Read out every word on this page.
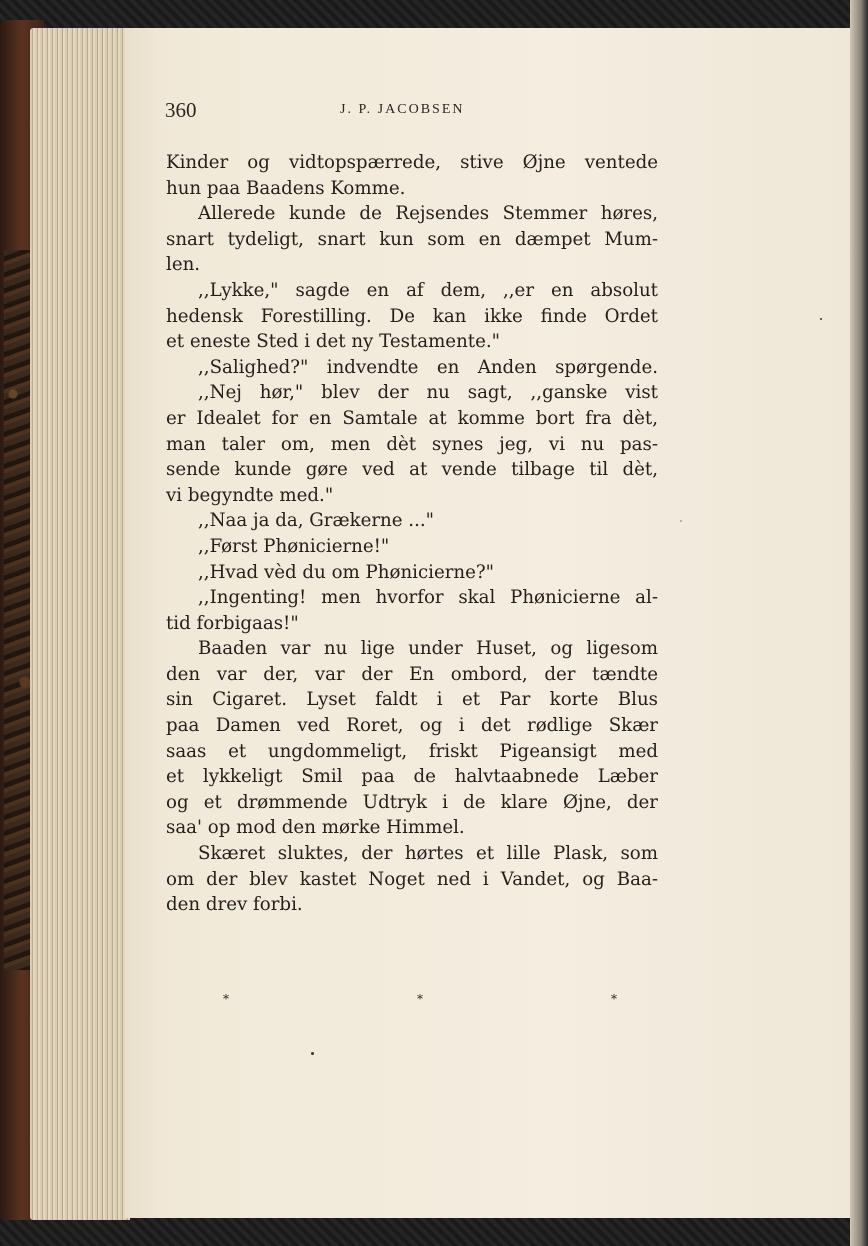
360	J. P. JACOBSEN
Kinder og vidtopspærrede, stive Øjne ventede
hun paa Baadens Komme.
Allerede kunde de Rejsendes Stemmer høres,
snart tydeligt, snart kun som en dæmpet Mum-
len.
,,Lykke," sagde en af dem, ,,er en absolut
hedensk Forestilling. De kan ikke finde Ordet
et eneste Sted i det ny Testamente."
,,Salighed?" indvendte en Anden spørgende.
,,Nej hør," blev der nu sagt, ,,ganske vist
er Idealet for en Samtale at komme bort fra dèt,
man taler om, men dèt synes jeg, vi nu pas-
sende kunde gøre ved at vende tilbage til dèt,
vi begyndte med."
,,Naa ja da, Grækerne ..."
,,Først Phønicierne!"
,,Hvad vèd du om Phønicierne?"
,,Ingenting! men hvorfor skal Phønicierne al-
tid forbigaas!"
Baaden var nu lige under Huset, og ligesom
den var der, var der En ombord, der tændte
sin Cigaret. Lyset faldt i et Par korte Blus
paa Damen ved Roret, og i det rødlige Skær
saas et ungdommeligt, friskt Pigeansigt med
et lykkeligt Smil paa de halvtaabnede Læber
og et drømmende Udtryk i de klare Øjne, der
saa' op mod den mørke Himmel.
Skæret sluktes, der hørtes et lille Plask, som
om der blev kastet Noget ned i Vandet, og Baa-
den drev forbi.
*	*	*
